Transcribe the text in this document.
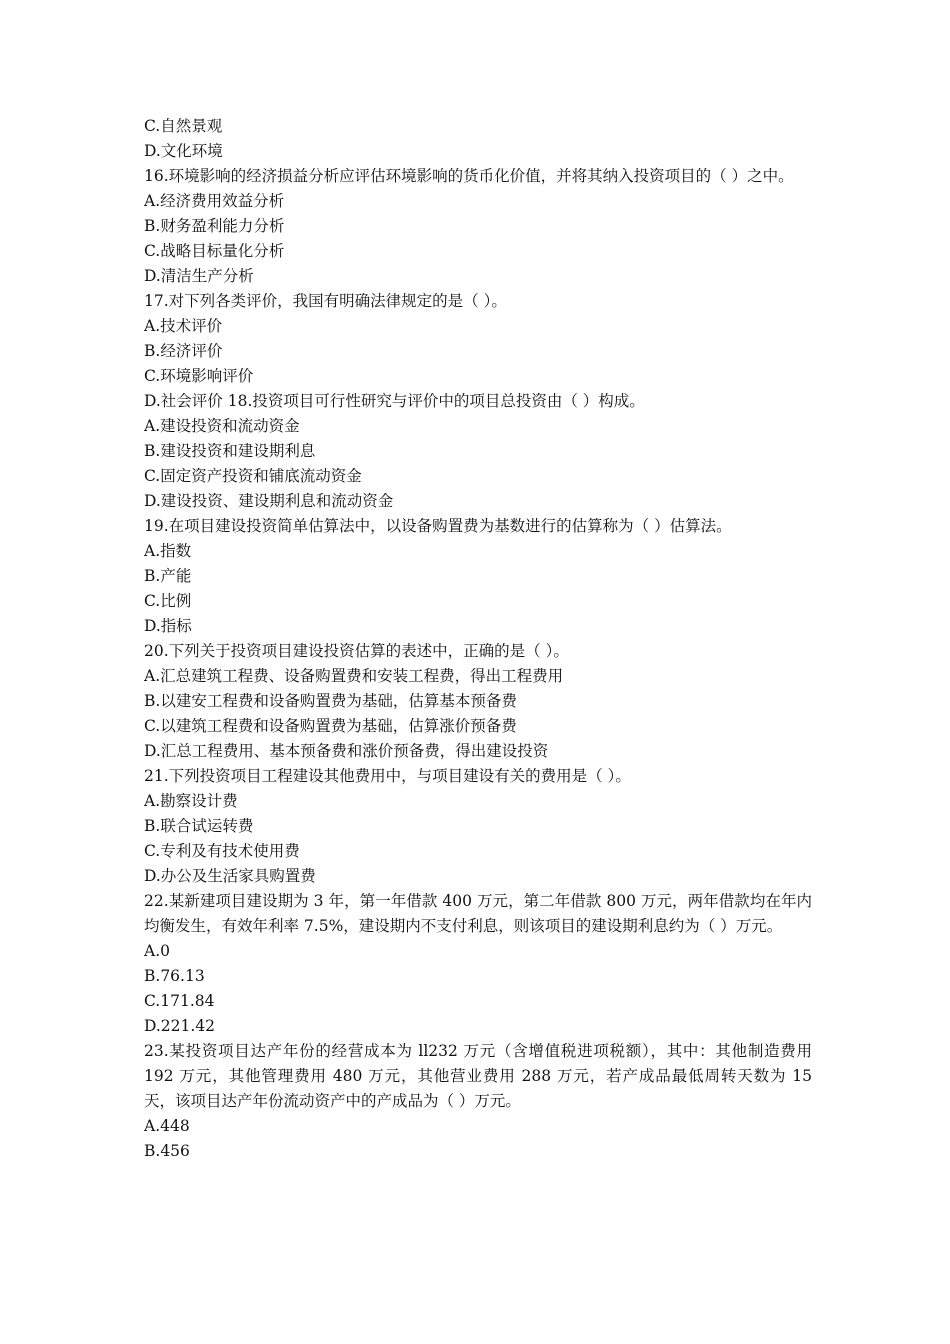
C.自然景观
D.文化环境
16.环境影响的经济损益分析应评估环境影响的货币化价值，并将其纳入投资项目的（ ）之中。
A.经济费用效益分析
B.财务盈利能力分析
C.战略目标量化分析
D.清洁生产分析
17.对下列各类评价，我国有明确法律规定的是（ ）。
A.技术评价
B.经济评价
C.环境影响评价
D.社会评价 18.投资项目可行性研究与评价中的项目总投资由（ ）构成。
A.建设投资和流动资金
B.建设投资和建设期利息
C.固定资产投资和铺底流动资金
D.建设投资、建设期利息和流动资金
19.在项目建设投资简单估算法中，以设备购置费为基数进行的估算称为（ ）估算法。
A.指数
B.产能
C.比例
D.指标
20.下列关于投资项目建设投资估算的表述中，正确的是（ ）。
A.汇总建筑工程费、设备购置费和安装工程费，得出工程费用
B.以建安工程费和设备购置费为基础，估算基本预备费
C.以建筑工程费和设备购置费为基础，估算涨价预备费
D.汇总工程费用、基本预备费和涨价预备费，得出建设投资
21.下列投资项目工程建设其他费用中，与项目建设有关的费用是（ ）。
A.勘察设计费
B.联合试运转费
C.专利及有技术使用费
D.办公及生活家具购置费
22.某新建项目建设期为 3 年，第一年借款 400 万元，第二年借款 800 万元，两年借款均在年内均衡发生，有效年利率 7.5%，建设期内不支付利息，则该项目的建设期利息约为（ ）万元。
A.0
B.76.13
C.171.84
D.221.42
23.某投资项目达产年份的经营成本为 ll232 万元（含增值税进项税额），其中：其他制造费用 192 万元，其他管理费用 480 万元，其他营业费用 288 万元，若产成品最低周转天数为 15 天，该项目达产年份流动资产中的产成品为（ ）万元。
A.448
B.456
